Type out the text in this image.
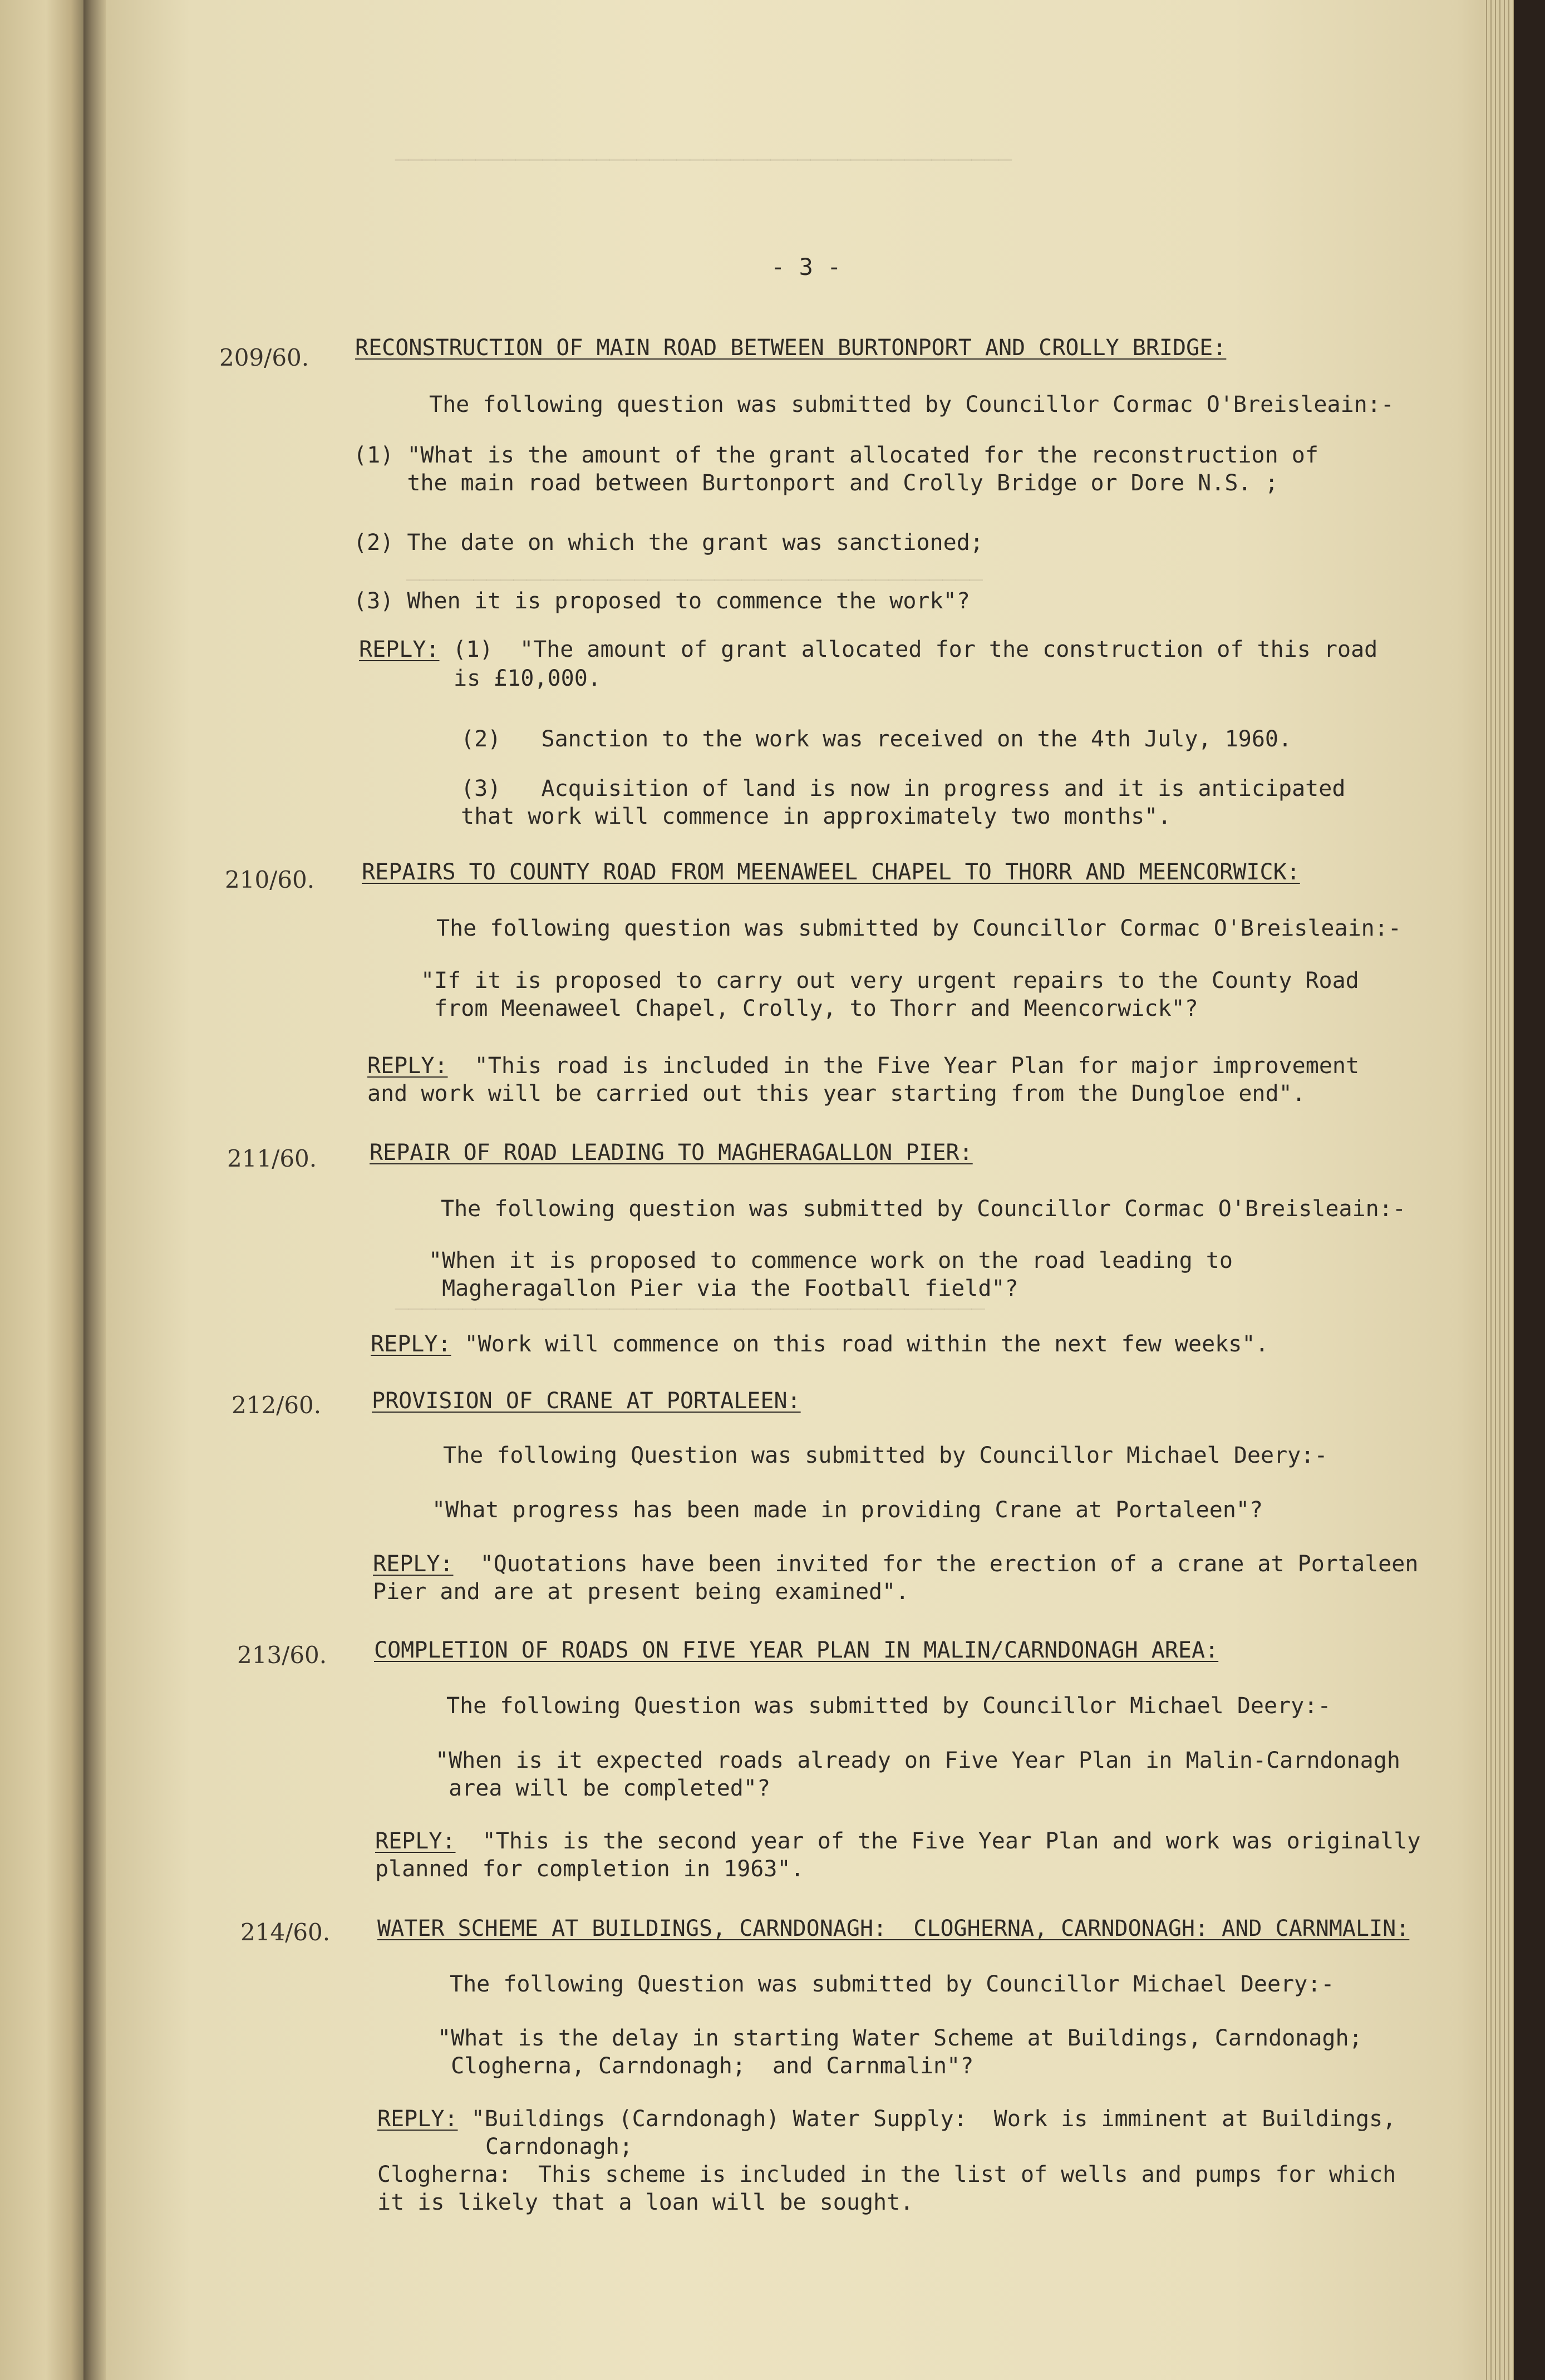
──────────────────────────────────────────────
───────────────────────────────────────────
────────────────────────────────────────────
- 3 -
209/60. RECONSTRUCTION OF MAIN ROAD BETWEEN BURTONPORT AND CROLLY BRIDGE:
The following question was submitted by Councillor Cormac O'Breisleain:-
(1) "What is the amount of the grant allocated for the reconstruction of
the main road between Burtonport and Crolly Bridge or Dore N.S. ;
(2) The date on which the grant was sanctioned;
(3) When it is proposed to commence the work"?
REPLY: (1)  "The amount of grant allocated for the construction of this road
is £10,000.
(2)   Sanction to the work was received on the 4th July, 1960.
(3)   Acquisition of land is now in progress and it is anticipated
that work will commence in approximately two months".
210/60. REPAIRS TO COUNTY ROAD FROM MEENAWEEL CHAPEL TO THORR AND MEENCORWICK:
The following question was submitted by Councillor Cormac O'Breisleain:-
"If it is proposed to carry out very urgent repairs to the County Road
from Meenaweel Chapel, Crolly, to Thorr and Meencorwick"?
REPLY:  "This road is included in the Five Year Plan for major improvement
and work will be carried out this year starting from the Dungloe end".
211/60. REPAIR OF ROAD LEADING TO MAGHERAGALLON PIER:
The following question was submitted by Councillor Cormac O'Breisleain:-
"When it is proposed to commence work on the road leading to
Magheragallon Pier via the Football field"?
REPLY: "Work will commence on this road within the next few weeks".
212/60. PROVISION OF CRANE AT PORTALEEN:
The following Question was submitted by Councillor Michael Deery:-
"What progress has been made in providing Crane at Portaleen"?
REPLY:  "Quotations have been invited for the erection of a crane at Portaleen
Pier and are at present being examined".
213/60. COMPLETION OF ROADS ON FIVE YEAR PLAN IN MALIN/CARNDONAGH AREA:
The following Question was submitted by Councillor Michael Deery:-
"When is it expected roads already on Five Year Plan in Malin-Carndonagh
area will be completed"?
REPLY:  "This is the second year of the Five Year Plan and work was originally
planned for completion in 1963".
214/60. WATER SCHEME AT BUILDINGS, CARNDONAGH:  CLOGHERNA, CARNDONAGH: AND CARNMALIN:
The following Question was submitted by Councillor Michael Deery:-
"What is the delay in starting Water Scheme at Buildings, Carndonagh;
Clogherna, Carndonagh;  and Carnmalin"?
REPLY: "Buildings (Carndonagh) Water Supply:  Work is imminent at Buildings,
Carndonagh;
Clogherna:  This scheme is included in the list of wells and pumps for which
it is likely that a loan will be sought.
